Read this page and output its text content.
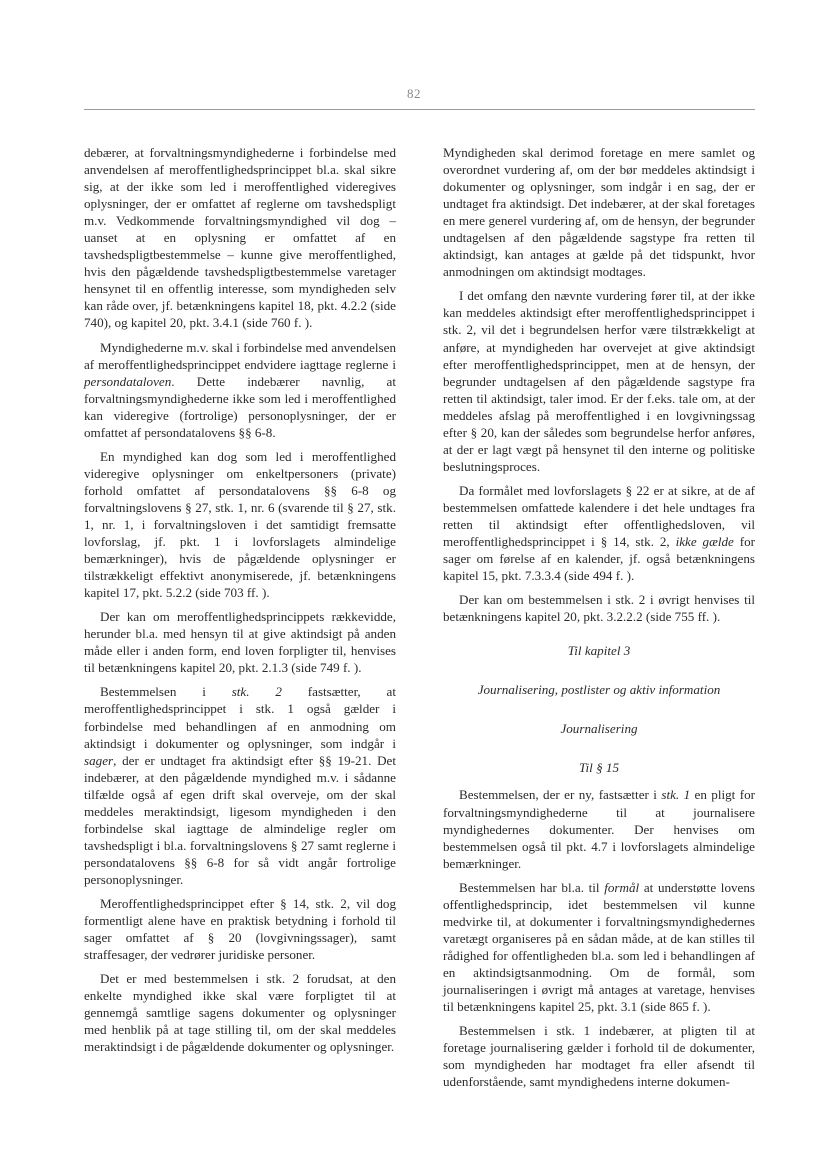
82

debærer, at forvaltningsmyndighederne i forbindelse med anvendelsen af meroffentlighedsprincippet bl.a. skal sikre sig, at der ikke som led i meroffentlighed videregives oplysninger, der er omfattet af reglerne om tavshedspligt m.v. Vedkommende forvaltningsmyndighed vil dog – uanset at en oplysning er omfattet af en tavshedspligtbestemmelse – kunne give meroffentlighed, hvis den pågældende tavshedspligtbestemmelse varetager hensynet til en offentlig interesse, som myndigheden selv kan råde over, jf. betænkningens kapitel 18, pkt. 4.2.2 (side 740), og kapitel 20, pkt. 3.4.1 (side 760 f. ).

Myndighederne m.v. skal i forbindelse med anvendelsen af meroffentlighedsprincippet endvidere iagttage reglerne i persondataloven. Dette indebærer navnlig, at forvaltningsmyndighederne ikke som led i meroffentlighed kan videregive (fortrolige) personoplysninger, der er omfattet af persondatalovens §§ 6-8.

En myndighed kan dog som led i meroffentlighed videregive oplysninger om enkeltpersoners (private) forhold omfattet af persondatalovens §§ 6-8 og forvaltningslovens § 27, stk. 1, nr. 6 (svarende til § 27, stk. 1, nr. 1, i forvaltningsloven i det samtidigt fremsatte lovforslag, jf. pkt. 1 i lovforslagets almindelige bemærkninger), hvis de pågældende oplysninger er tilstrækkeligt effektivt anonymiserede, jf. betænkningens kapitel 17, pkt. 5.2.2 (side 703 ff. ).

Der kan om meroffentlighedsprincippets rækkevidde, herunder bl.a. med hensyn til at give aktindsigt på anden måde eller i anden form, end loven forpligter til, henvises til betænkningens kapitel 20, pkt. 2.1.3 (side 749 f. ).

Bestemmelsen i stk. 2 fastsætter, at meroffentlighedsprincippet i stk. 1 også gælder i forbindelse med behandlingen af en anmodning om aktindsigt i dokumenter og oplysninger, som indgår i sager, der er undtaget fra aktindsigt efter §§ 19-21. Det indebærer, at den pågældende myndighed m.v. i sådanne tilfælde også af egen drift skal overveje, om der skal meddeles meraktindsigt, ligesom myndigheden i den forbindelse skal iagttage de almindelige regler om tavshedspligt i bl.a. forvaltningslovens § 27 samt reglerne i persondatalovens §§ 6-8 for så vidt angår fortrolige personoplysninger.

Meroffentlighedsprincippet efter § 14, stk. 2, vil dog formentligt alene have en praktisk betydning i forhold til sager omfattet af § 20 (lovgivningssager), samt straffesager, der vedrører juridiske personer.

Det er med bestemmelsen i stk. 2 forudsat, at den enkelte myndighed ikke skal være forpligtet til at gennemgå samtlige sagens dokumenter og oplysninger med henblik på at tage stilling til, om der skal meddeles meraktindsigt i de pågældende dokumenter og oplysninger.

Myndigheden skal derimod foretage en mere samlet og overordnet vurdering af, om der bør meddeles aktindsigt i dokumenter og oplysninger, som indgår i en sag, der er undtaget fra aktindsigt. Det indebærer, at der skal foretages en mere generel vurdering af, om de hensyn, der begrunder undtagelsen af den pågældende sagstype fra retten til aktindsigt, kan antages at gælde på det tidspunkt, hvor anmodningen om aktindsigt modtages.

I det omfang den nævnte vurdering fører til, at der ikke kan meddeles aktindsigt efter meroffentlighedsprincippet i stk. 2, vil det i begrundelsen herfor være tilstrækkeligt at anføre, at myndigheden har overvejet at give aktindsigt efter meroffentlighedsprincippet, men at de hensyn, der begrunder undtagelsen af den pågældende sagstype fra retten til aktindsigt, taler imod. Er der f.eks. tale om, at der meddeles afslag på meroffentlighed i en lovgivningssag efter § 20, kan der således som begrundelse herfor anføres, at der er lagt vægt på hensynet til den interne og politiske beslutningsproces.

Da formålet med lovforslagets § 22 er at sikre, at de af bestemmelsen omfattede kalendere i det hele undtages fra retten til aktindsigt efter offentlighedsloven, vil meroffentlighedsprincippet i § 14, stk. 2, ikke gælde for sager om førelse af en kalender, jf. også betænkningens kapitel 15, pkt. 7.3.3.4 (side 494 f. ).

Der kan om bestemmelsen i stk. 2 i øvrigt henvises til betænkningens kapitel 20, pkt. 3.2.2.2 (side 755 ff. ).

Til kapitel 3
Journalisering, postlister og aktiv information
Journalisering
Til § 15

Bestemmelsen, der er ny, fastsætter i stk. 1 en pligt for forvaltningsmyndighederne til at journalisere myndighedernes dokumenter. Der henvises om bestemmelsen også til pkt. 4.7 i lovforslagets almindelige bemærkninger.

Bestemmelsen har bl.a. til formål at understøtte lovens offentlighedsprincip, idet bestemmelsen vil kunne medvirke til, at dokumenter i forvaltningsmyndighedernes varetægt organiseres på en sådan måde, at de kan stilles til rådighed for offentligheden bl.a. som led i behandlingen af en aktindsigtsanmodning. Om de formål, som journaliseringen i øvrigt må antages at varetage, henvises til betænkningens kapitel 25, pkt. 3.1 (side 865 f. ).

Bestemmelsen i stk. 1 indebærer, at pligten til at foretage journalisering gælder i forhold til de dokumenter, som myndigheden har modtaget fra eller afsendt til udenforstående, samt myndighedens interne dokumen-
